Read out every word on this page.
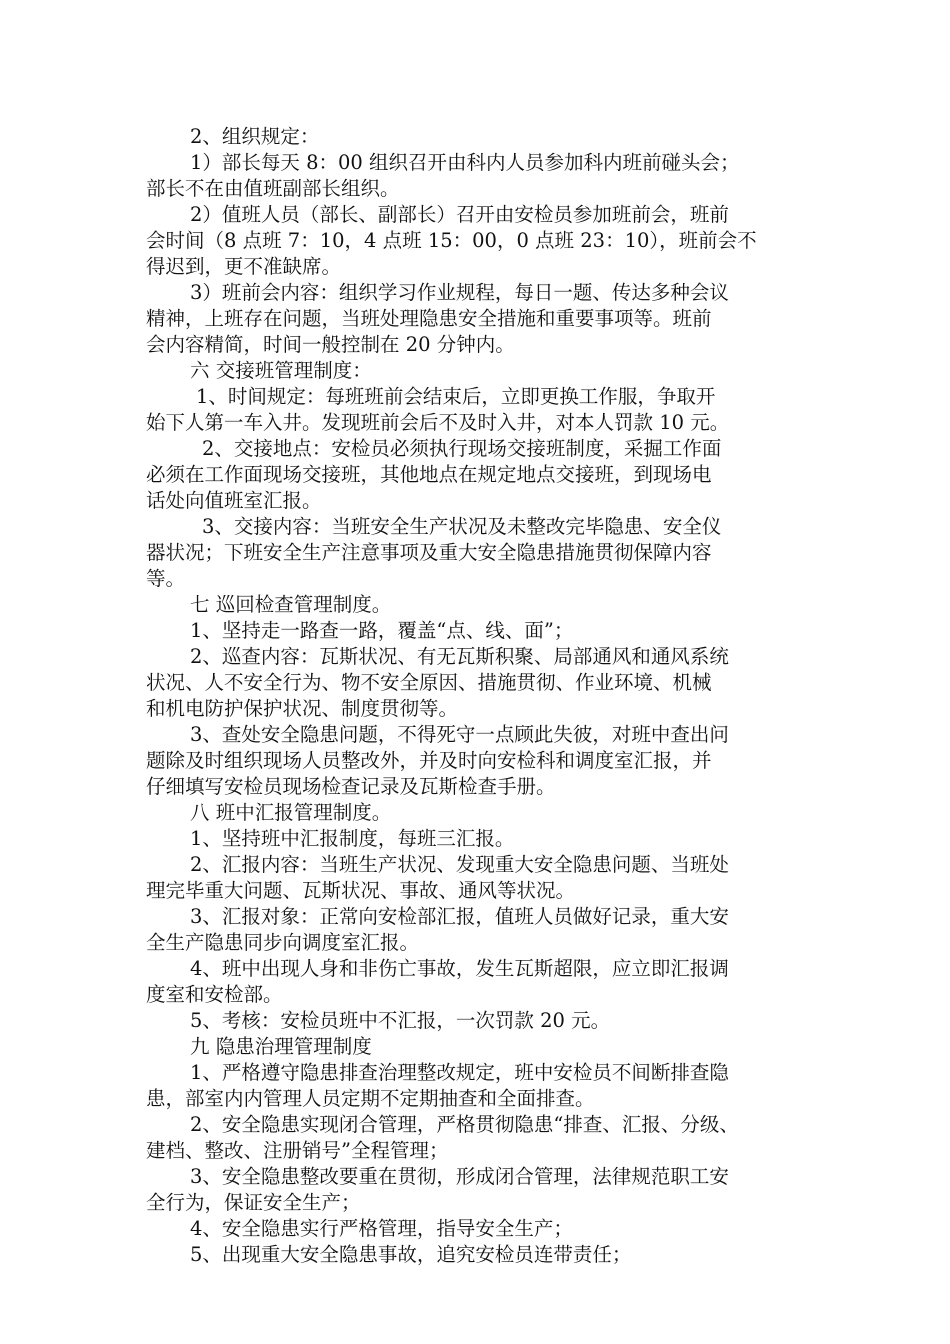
2、组织规定：
1）部长每天 8：00 组织召开由科内人员参加科内班前碰头会；
部长不在由值班副部长组织。
2）值班人员（部长、副部长）召开由安检员参加班前会，班前
会时间（8 点班 7：10，4 点班 15：00，0 点班 23：10），班前会不
得迟到，更不准缺席。
3）班前会内容：组织学习作业规程，每日一题、传达多种会议
精神，上班存在问题，当班处理隐患安全措施和重要事项等。班前
会内容精简，时间一般控制在 20 分钟内。
六 交接班管理制度：
1、时间规定：每班班前会结束后，立即更换工作服，争取开
始下人第一车入井。发现班前会后不及时入井，对本人罚款 10 元。
2、交接地点：安检员必须执行现场交接班制度，采掘工作面
必须在工作面现场交接班，其他地点在规定地点交接班，到现场电
话处向值班室汇报。
3、交接内容：当班安全生产状况及未整改完毕隐患、安全仪
器状况；下班安全生产注意事项及重大安全隐患措施贯彻保障内容
等。
七 巡回检查管理制度。
1、坚持走一路查一路，覆盖“点、线、面”；
2、巡查内容：瓦斯状况、有无瓦斯积聚、局部通风和通风系统
状况、人不安全行为、物不安全原因、措施贯彻、作业环境、机械
和机电防护保护状况、制度贯彻等。
3、查处安全隐患问题，不得死守一点顾此失彼，对班中查出问
题除及时组织现场人员整改外，并及时向安检科和调度室汇报，并
仔细填写安检员现场检查记录及瓦斯检查手册。
八 班中汇报管理制度。
1、坚持班中汇报制度，每班三汇报。
2、汇报内容：当班生产状况、发现重大安全隐患问题、当班处
理完毕重大问题、瓦斯状况、事故、通风等状况。
3、汇报对象：正常向安检部汇报，值班人员做好记录，重大安
全生产隐患同步向调度室汇报。
4、班中出现人身和非伤亡事故，发生瓦斯超限，应立即汇报调
度室和安检部。
5、考核：安检员班中不汇报，一次罚款 20 元。
九 隐患治理管理制度
1、严格遵守隐患排查治理整改规定，班中安检员不间断排查隐
患，部室内内管理人员定期不定期抽查和全面排查。
2、安全隐患实现闭合管理，严格贯彻隐患“排查、汇报、分级、
建档、整改、注册销号”全程管理；
3、安全隐患整改要重在贯彻，形成闭合管理，法律规范职工安
全行为，保证安全生产；
4、安全隐患实行严格管理，指导安全生产；
5、出现重大安全隐患事故，追究安检员连带责任；
